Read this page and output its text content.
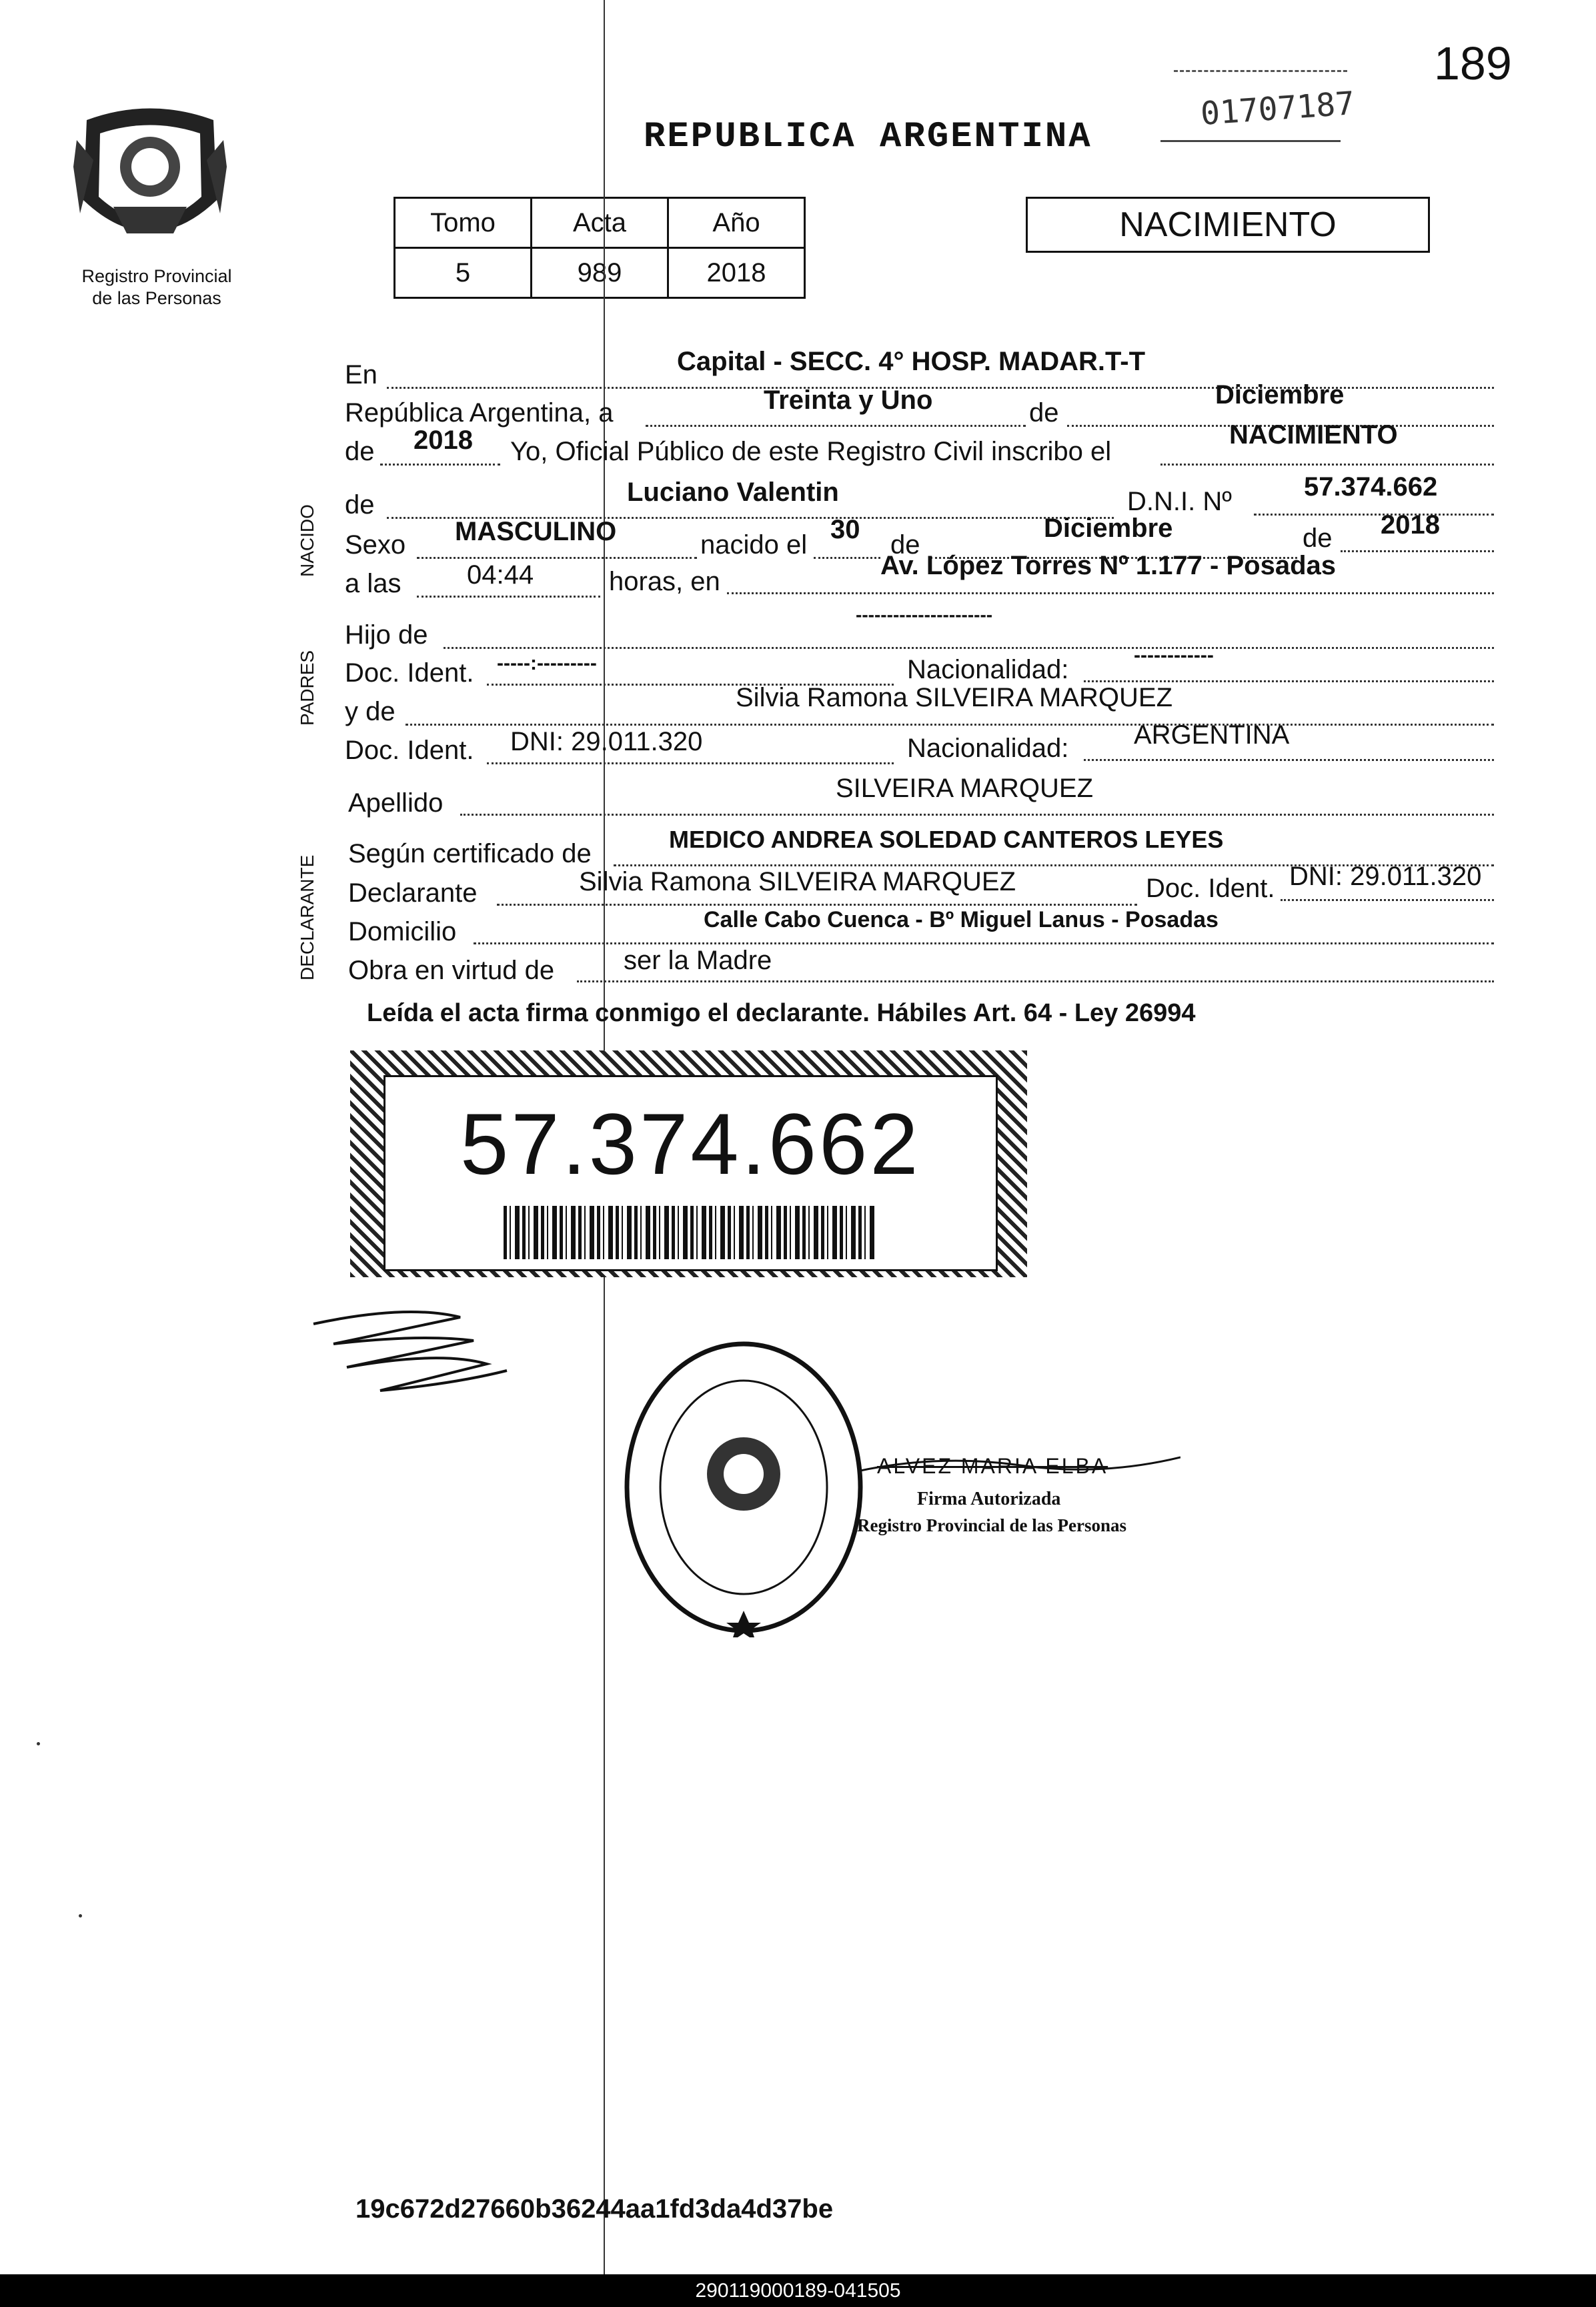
189
01707187
REPUBLICA ARGENTINA
Registro Provincial
de las Personas
Tomo	Acta	Año
5	989	2018
NACIMIENTO
NACIDO
PADRES
DECLARANTE
En	Capital - SECC. 4° HOSP. MADAR.T-T
República Argentina, a	Treinta y Uno	de
Diciembre
de 2018 Yo, Oficial Público de este Registro Civil inscribo el
NACIMIENTO
de	Luciano Valentin	D.N.I. Nº	57.374.662
Sexo MASCULINO	nacido el
30
de
Diciembre	de 2018
a las 04:44	horas, en
Av. López Torres Nº 1.177 - Posadas
----------------------
Hijo de
Doc. Ident. -----:---------	Nacionalidad:	------------
y de	Silvia Ramona SILVEIRA MARQUEZ
Doc. Ident. DNI: 29.011.320	Nacionalidad: ARGENTINA
Apellido	SILVEIRA MARQUEZ
Según certificado de	MEDICO ANDREA SOLEDAD CANTEROS LEYES
Declarante	Silvia Ramona SILVEIRA MARQUEZ	Doc. Ident. DNI: 29.011.320
Domicilio	Calle Cabo Cuenca - Bº Miguel Lanus - Posadas
Obra en virtud de	ser la Madre
Leída el acta firma conmigo el declarante. Hábiles Art. 64 - Ley 26994
57.374.662
ALVEZ MARIA ELBA
Firma Autorizada
Registro Provincial de las Personas
19c672d27660b36244aa1fd3da4d37be
290119000189-041505
